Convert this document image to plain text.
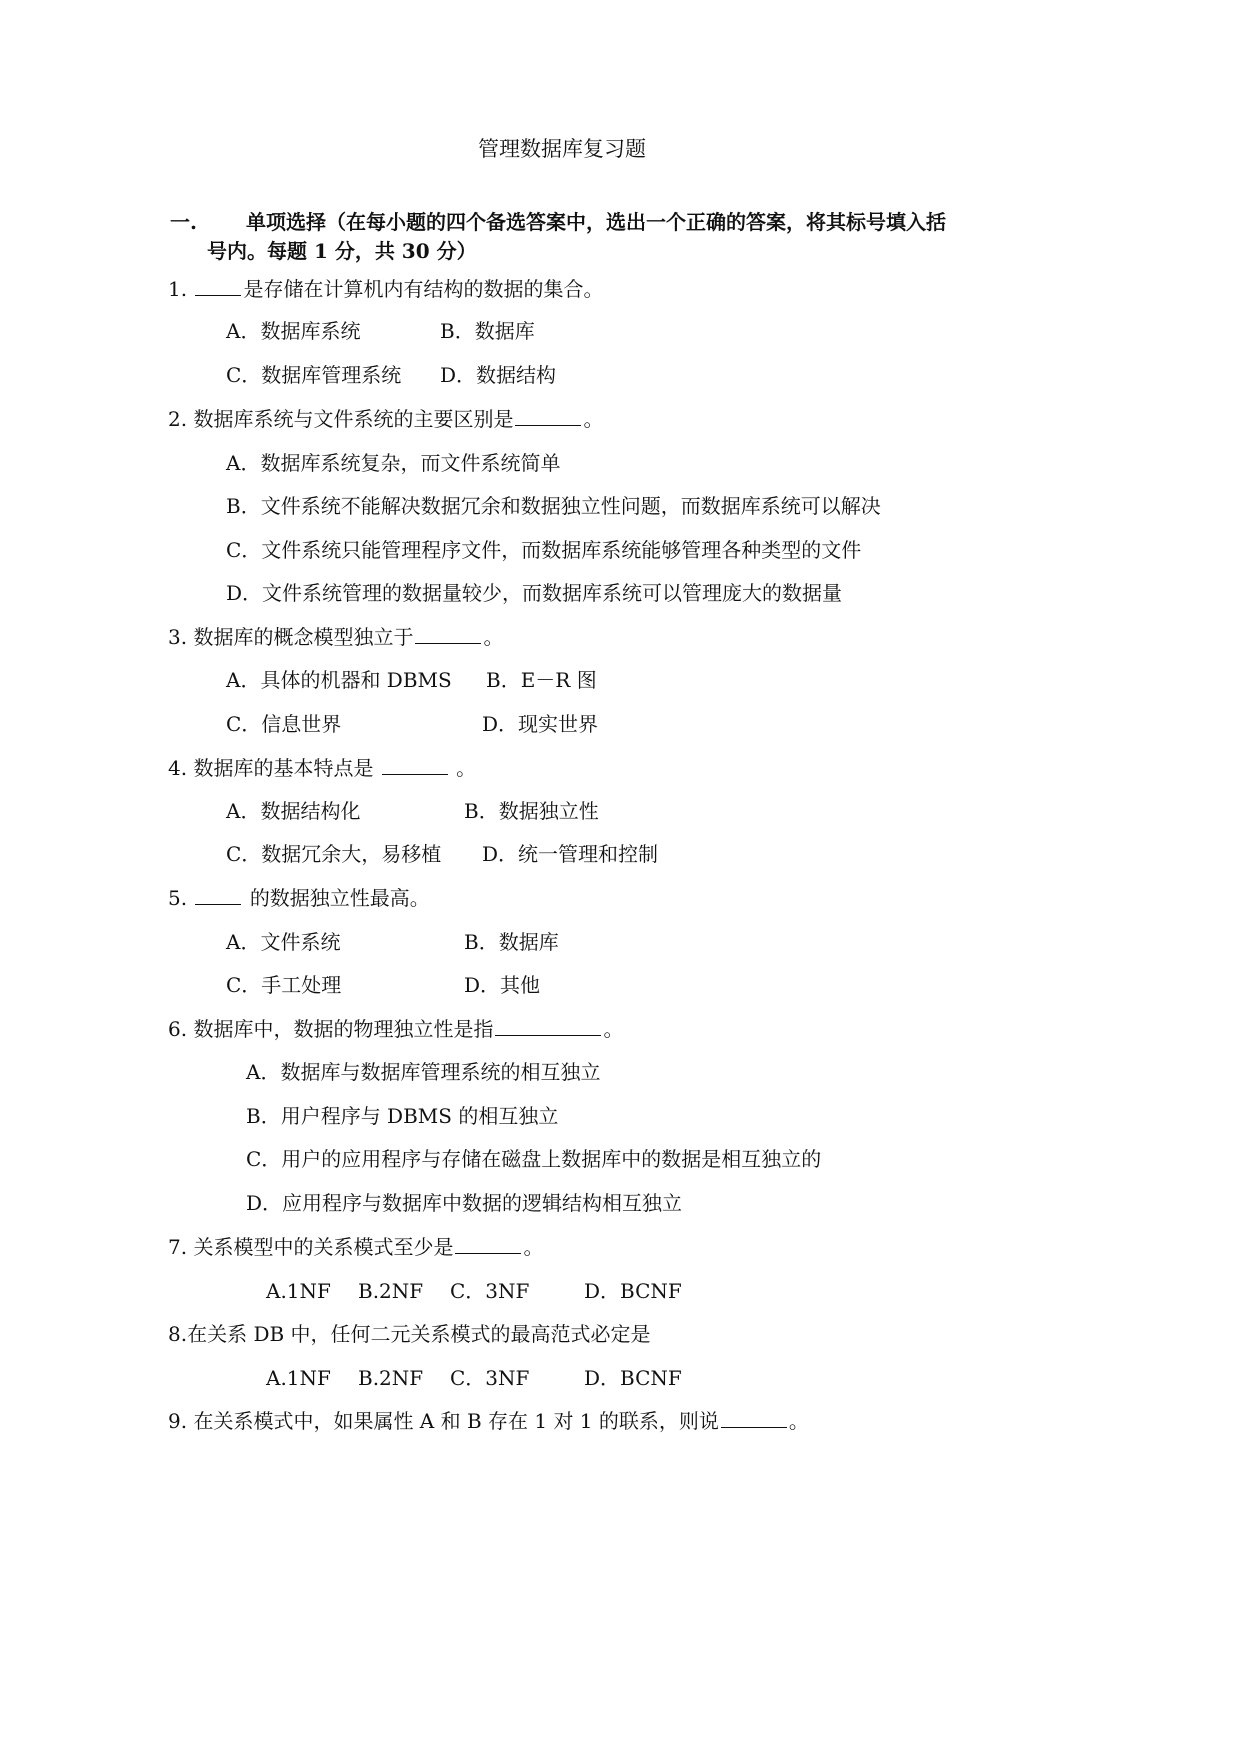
管理数据库复习题
一. 单项选择（在每小题的四个备选答案中，选出一个正确的答案，将其标号填入括
号内。每题 1 分，共 30 分）
1.	是存储在计算机内有结构的数据的集合。
A．数据库系统	B．数据库
C．数据库管理系统 D．数据结构
2. 数据库系统与文件系统的主要区别是	。
A．数据库系统复杂，而文件系统简单
B．文件系统不能解决数据冗余和数据独立性问题，而数据库系统可以解决
C．文件系统只能管理程序文件，而数据库系统能够管理各种类型的文件
D．文件系统管理的数据量较少，而数据库系统可以管理庞大的数据量
3. 数据库的概念模型独立于	。
A．具体的机器和 DBMS B．E－R 图
C．信息世界	D．现实世界
4. 数据库的基本特点是	。
A．数据结构化	B．数据独立性
C．数据冗余大，易移植 D．统一管理和控制
5.	的数据独立性最高。
A．文件系统	B．数据库
C．手工处理	D．其他
6. 数据库中，数据的物理独立性是指	。
A．数据库与数据库管理系统的相互独立
B．用户程序与 DBMS 的相互独立
C．用户的应用程序与存储在磁盘上数据库中的数据是相互独立的
D．应用程序与数据库中数据的逻辑结构相互独立
7. 关系模型中的关系模式至少是	。
A.1NF B.2NF C．3NF	D．BCNF
8.在关系 DB 中，任何二元关系模式的最高范式必定是
A.1NF B.2NF C．3NF	D．BCNF
9. 在关系模式中，如果属性 A 和 B 存在 1 对 1 的联系，则说	。
